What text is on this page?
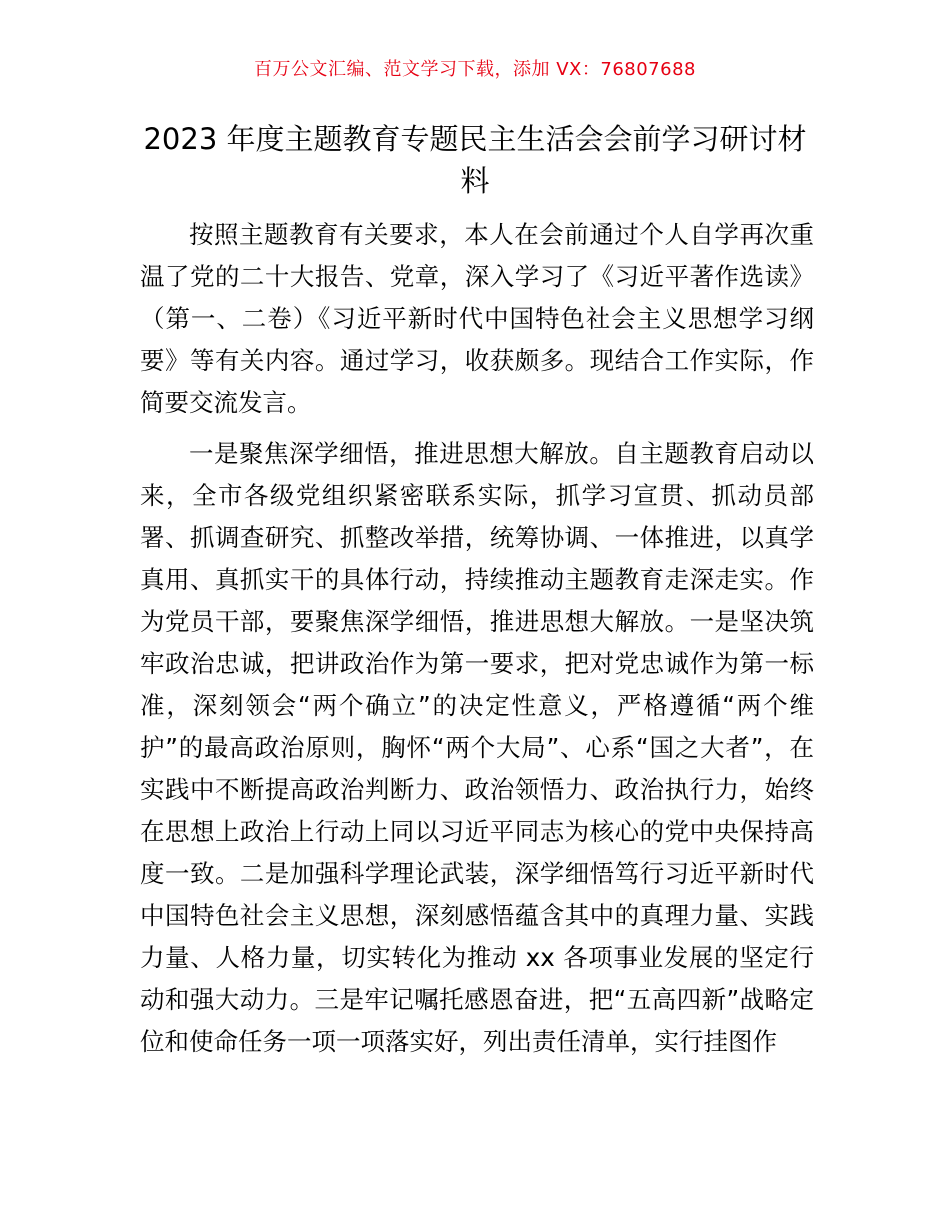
百万公文汇编、范文学习下载，添加 VX：76807688
2023 年度主题教育专题民主生活会会前学习研讨材料

按照主题教育有关要求，本人在会前通过个人自学再次重温了党的二十大报告、党章，深入学习了《习近平著作选读》（第一、二卷）《习近平新时代中国特色社会主义思想学习纲要》等有关内容。通过学习，收获颇多。现结合工作实际，作简要交流发言。

一是聚焦深学细悟，推进思想大解放。自主题教育启动以来，全市各级党组织紧密联系实际，抓学习宣贯、抓动员部署、抓调查研究、抓整改举措，统筹协调、一体推进，以真学真用、真抓实干的具体行动，持续推动主题教育走深走实。作为党员干部，要聚焦深学细悟，推进思想大解放。一是坚决筑牢政治忠诚，把讲政治作为第一要求，把对党忠诚作为第一标准，深刻领会“两个确立”的决定性意义，严格遵循“两个维护”的最高政治原则，胸怀“两个大局”、心系“国之大者”，在实践中不断提高政治判断力、政治领悟力、政治执行力，始终在思想上政治上行动上同以习近平同志为核心的党中央保持高度一致。二是加强科学理论武装，深学细悟笃行习近平新时代中国特色社会主义思想，深刻感悟蕴含其中的真理力量、实践力量、人格力量，切实转化为推动 xx 各项事业发展的坚定行动和强大动力。三是牢记嘱托感恩奋进，把“五高四新”战略定位和使命任务一项一项落实好，列出责任清单，实行挂图作
